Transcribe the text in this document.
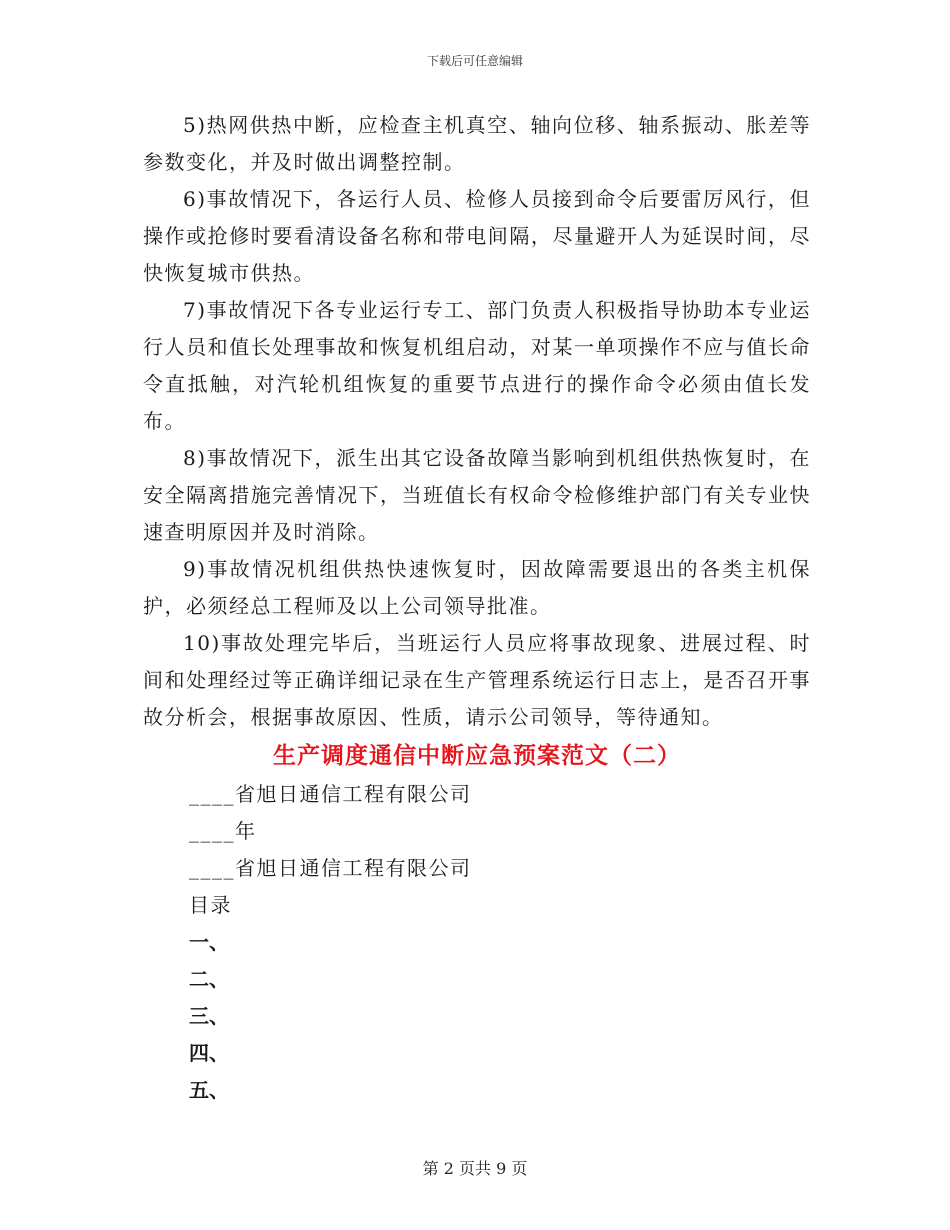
下载后可任意编辑

5)热网供热中断，应检查主机真空、轴向位移、轴系振动、胀差等参数变化，并及时做出调整控制。

6)事故情况下，各运行人员、检修人员接到命令后要雷厉风行，但操作或抢修时要看清设备名称和带电间隔，尽量避开人为延误时间，尽快恢复城市供热。

7)事故情况下各专业运行专工、部门负责人积极指导协助本专业运行人员和值长处理事故和恢复机组启动，对某一单项操作不应与值长命令直抵触，对汽轮机组恢复的重要节点进行的操作命令必须由值长发布。

8)事故情况下，派生出其它设备故障当影响到机组供热恢复时，在安全隔离措施完善情况下，当班值长有权命令检修维护部门有关专业快速查明原因并及时消除。

9)事故情况机组供热快速恢复时，因故障需要退出的各类主机保护，必须经总工程师及以上公司领导批准。

10)事故处理完毕后，当班运行人员应将事故现象、进展过程、时间和处理经过等正确详细记录在生产管理系统运行日志上，是否召开事故分析会，根据事故原因、性质，请示公司领导，等待通知。

生产调度通信中断应急预案范文（二）

____省旭日通信工程有限公司

____年

____省旭日通信工程有限公司

目录

一、

二、

三、

四、

五、

第 2 页共 9 页
